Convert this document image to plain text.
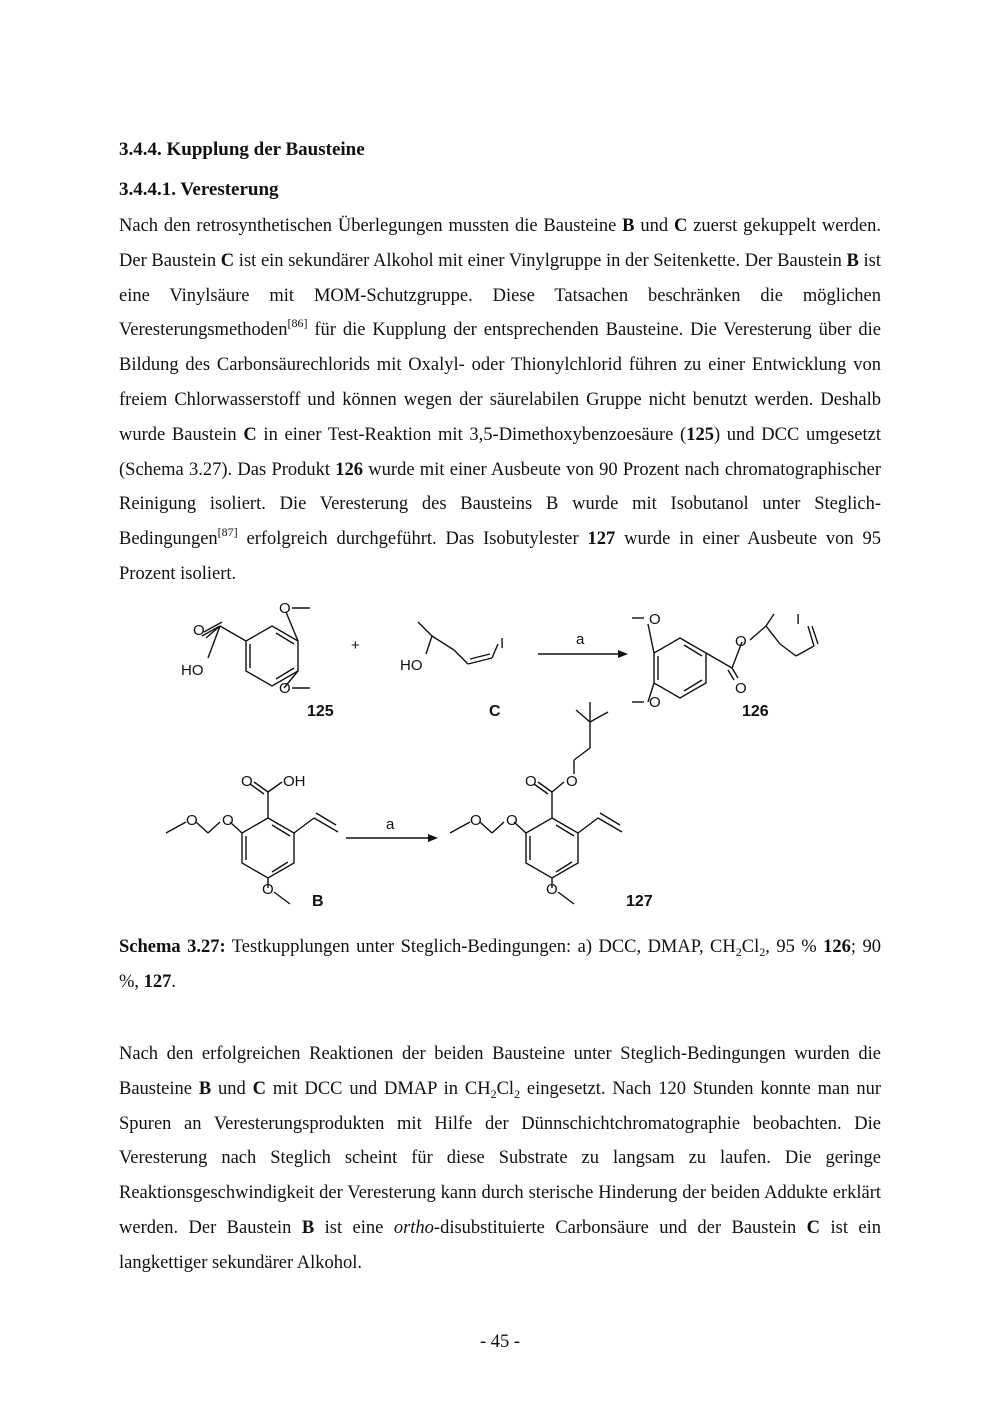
3.4.4. Kupplung der Bausteine
3.4.4.1. Veresterung

Nach den retrosynthetischen Überlegungen mussten die Bausteine B und C zuerst gekuppelt werden. Der Baustein C ist ein sekundärer Alkohol mit einer Vinylgruppe in der Seitenkette. Der Baustein B ist eine Vinylsäure mit MOM-Schutzgruppe. Diese Tatsachen beschränken die möglichen Veresterungsmethoden[86] für die Kupplung der entsprechenden Bausteine. Die Veresterung über die Bildung des Carbonsäurechlorids mit Oxalyl- oder Thionylchlorid führen zu einer Entwicklung von freiem Chlorwasserstoff und können wegen der säurelabilen Gruppe nicht benutzt werden. Deshalb wurde Baustein C in einer Test-Reaktion mit 3,5-Dimethoxybenzoesäure (125) und DCC umgesetzt (Schema 3.27). Das Produkt 126 wurde mit einer Ausbeute von 90 Prozent nach chromatographischer Reinigung isoliert. Die Veresterung des Bausteins B wurde mit Isobutanol unter Steglich-Bedingungen[87] erfolgreich durchgeführt. Das Isobutylester 127 wurde in einer Ausbeute von 95 Prozent isoliert.

O
HO
O
O
125
+
HO
I
C
a
O
O
O
O
I
126
O OH
O
O
O
B
a
O O
O
O
O
127

Schema 3.27: Testkupplungen unter Steglich-Bedingungen: a) DCC, DMAP, $CH_2Cl_2$, 95 % 126; 90 %, 127.

Nach den erfolgreichen Reaktionen der beiden Bausteine unter Steglich-Bedingungen wurden die Bausteine B und C mit DCC und DMAP in $CH_2Cl_2$ eingesetzt. Nach 120 Stunden konnte man nur Spuren an Veresterungsprodukten mit Hilfe der Dünnschichtchromatographie beobachten. Die Veresterung nach Steglich scheint für diese Substrate zu langsam zu laufen. Die geringe Reaktionsgeschwindigkeit der Veresterung kann durch sterische Hinderung der beiden Addukte erklärt werden. Der Baustein B ist eine ortho-disubstituierte Carbonsäure und der Baustein C ist ein langkettiger sekundärer Alkohol.

- 45 -
